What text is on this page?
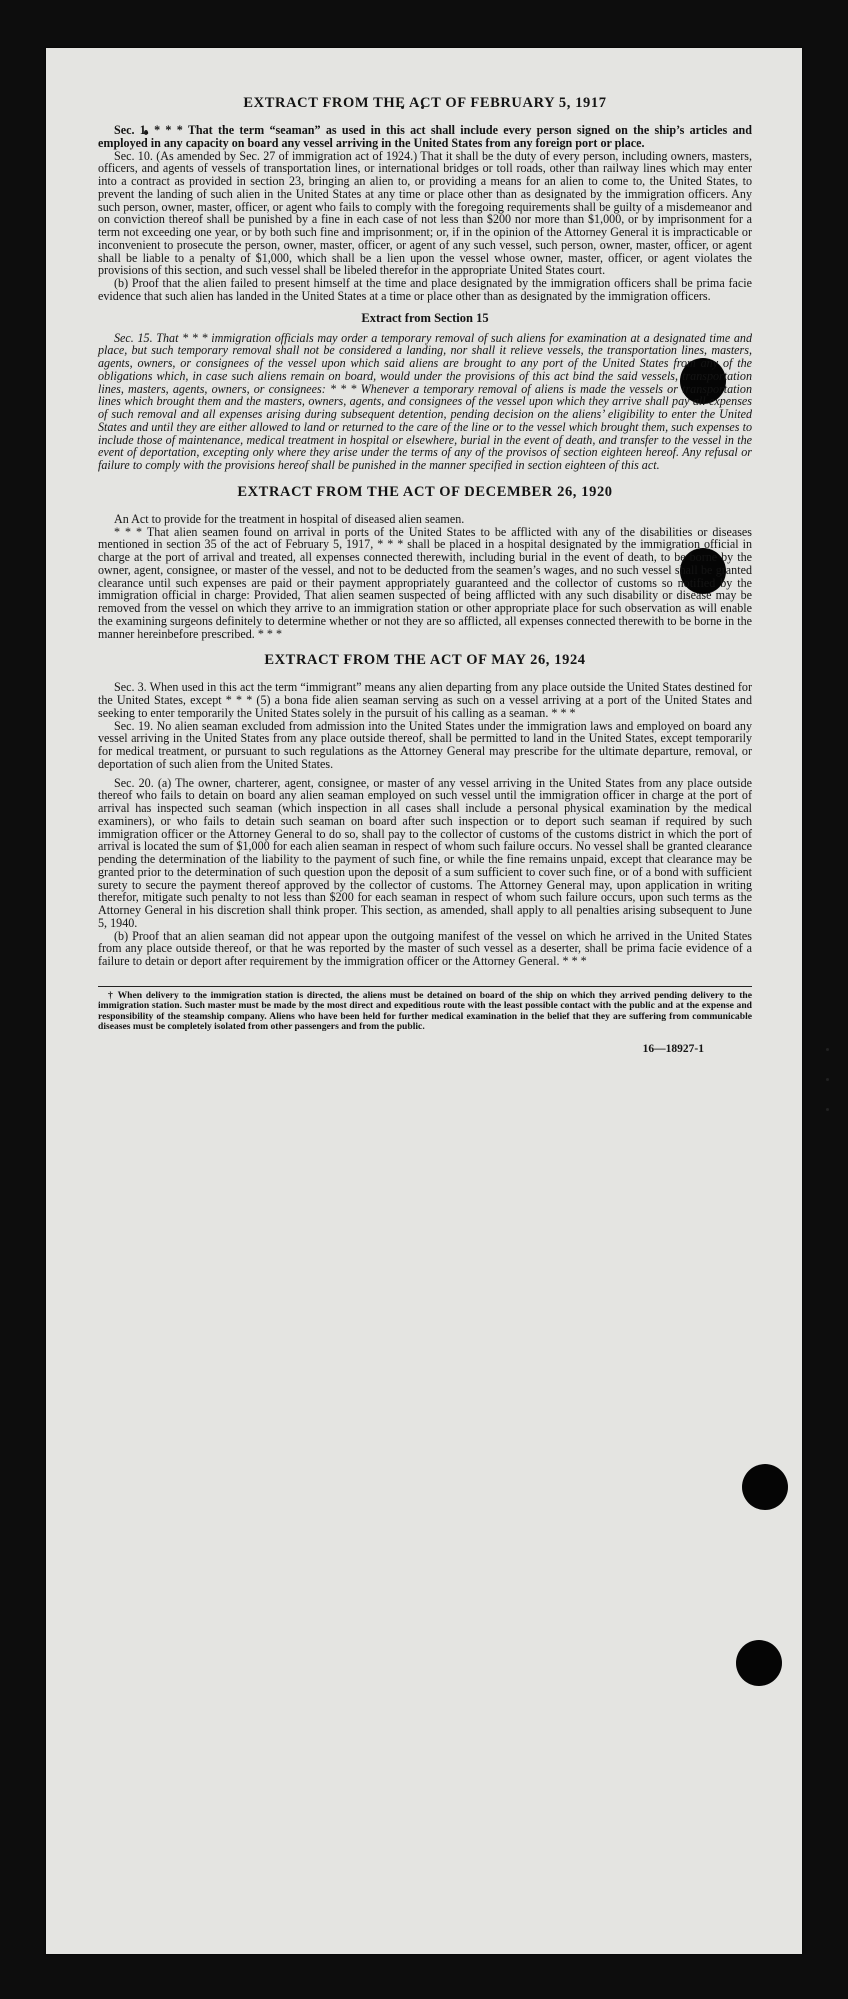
EXTRACT FROM THE ACT OF FEBRUARY 5, 1917

Sec. 1. * * * That the term “seaman” as used in this act shall include every person signed on the ship’s articles and employed in any capacity on board any vessel arriving in the United States from any foreign port or place.

Sec. 10. (As amended by Sec. 27 of immigration act of 1924.) That it shall be the duty of every person, including owners, masters, officers, and agents of vessels of transportation lines, or international bridges or toll roads, other than railway lines which may enter into a contract as provided in section 23, bringing an alien to, or providing a means for an alien to come to, the United States, to prevent the landing of such alien in the United States at any time or place other than as designated by the immigration officers. Any such person, owner, master, officer, or agent who fails to comply with the foregoing requirements shall be guilty of a misdemeanor and on conviction thereof shall be punished by a fine in each case of not less than $200 nor more than $1,000, or by imprisonment for a term not exceeding one year, or by both such fine and imprisonment; or, if in the opinion of the Attorney General it is impracticable or inconvenient to prosecute the person, owner, master, officer, or agent of any such vessel, such person, owner, master, officer, or agent shall be liable to a penalty of $1,000, which shall be a lien upon the vessel whose owner, master, officer, or agent violates the provisions of this section, and such vessel shall be libeled therefor in the appropriate United States court.

(b) Proof that the alien failed to present himself at the time and place designated by the immigration officers shall be prima facie evidence that such alien has landed in the United States at a time or place other than as designated by the immigration officers.

Extract from Section 15

Sec. 15. That * * * immigration officials may order a temporary removal of such aliens for examination at a designated time and place, but such temporary removal shall not be considered a landing, nor shall it relieve vessels, the transportation lines, masters, agents, owners, or consignees of the vessel upon which said aliens are brought to any port of the United States from any of the obligations which, in case such aliens remain on board, would under the provisions of this act bind the said vessels, transportation lines, masters, agents, owners, or consignees: * * * Whenever a temporary removal of aliens is made the vessels or transportation lines which brought them and the masters, owners, agents, and consignees of the vessel upon which they arrive shall pay all expenses of such removal and all expenses arising during subsequent detention, pending decision on the aliens’ eligibility to enter the United States and until they are either allowed to land or returned to the care of the line or to the vessel which brought them, such expenses to include those of maintenance, medical treatment in hospital or elsewhere, burial in the event of death, and transfer to the vessel in the event of deportation, excepting only where they arise under the terms of any of the provisos of section eighteen hereof. Any refusal or failure to comply with the provisions hereof shall be punished in the manner specified in section eighteen of this act.

EXTRACT FROM THE ACT OF DECEMBER 26, 1920

An Act to provide for the treatment in hospital of diseased alien seamen.

* * * That alien seamen found on arrival in ports of the United States to be afflicted with any of the disabilities or diseases mentioned in section 35 of the act of February 5, 1917, * * * shall be placed in a hospital designated by the immigration official in charge at the port of arrival and treated, all expenses connected therewith, including burial in the event of death, to be borne by the owner, agent, consignee, or master of the vessel, and not to be deducted from the seamen’s wages, and no such vessel shall be granted clearance until such expenses are paid or their payment appropriately guaranteed and the collector of customs so notified by the immigration official in charge: Provided, That alien seamen suspected of being afflicted with any such disability or disease may be removed from the vessel on which they arrive to an immigration station or other appropriate place for such observation as will enable the examining surgeons definitely to determine whether or not they are so afflicted, all expenses connected therewith to be borne in the manner hereinbefore prescribed. * * *

EXTRACT FROM THE ACT OF MAY 26, 1924

Sec. 3. When used in this act the term “immigrant” means any alien departing from any place outside the United States destined for the United States, except * * * (5) a bona fide alien seaman serving as such on a vessel arriving at a port of the United States and seeking to enter temporarily the United States solely in the pursuit of his calling as a seaman. * * *

Sec. 19. No alien seaman excluded from admission into the United States under the immigration laws and employed on board any vessel arriving in the United States from any place outside thereof, shall be permitted to land in the United States, except temporarily for medical treatment, or pursuant to such regulations as the Attorney General may prescribe for the ultimate departure, removal, or deportation of such alien from the United States.

Sec. 20. (a) The owner, charterer, agent, consignee, or master of any vessel arriving in the United States from any place outside thereof who fails to detain on board any alien seaman employed on such vessel until the immigration officer in charge at the port of arrival has inspected such seaman (which inspection in all cases shall include a personal physical examination by the medical examiners), or who fails to detain such seaman on board after such inspection or to deport such seaman if required by such immigration officer or the Attorney General to do so, shall pay to the collector of customs of the customs district in which the port of arrival is located the sum of $1,000 for each alien seaman in respect of whom such failure occurs. No vessel shall be granted clearance pending the determination of the liability to the payment of such fine, or while the fine remains unpaid, except that clearance may be granted prior to the determination of such question upon the deposit of a sum sufficient to cover such fine, or of a bond with sufficient surety to secure the payment thereof approved by the collector of customs. The Attorney General may, upon application in writing therefor, mitigate such penalty to not less than $200 for each seaman in respect of whom such failure occurs, upon such terms as the Attorney General in his discretion shall think proper. This section, as amended, shall apply to all penalties arising subsequent to June 5, 1940.

(b) Proof that an alien seaman did not appear upon the outgoing manifest of the vessel on which he arrived in the United States from any place outside thereof, or that he was reported by the master of such vessel as a deserter, shall be prima facie evidence of a failure to detain or deport after requirement by the immigration officer or the Attorney General. * * *

† When delivery to the immigration station is directed, the aliens must be detained on board of the ship on which they arrived pending delivery to the immigration station. Such master must be made by the most direct and expeditious route with the least possible contact with the public and at the expense and responsibility of the steamship company. Aliens who have been held for further medical examination in the belief that they are suffering from communicable diseases must be completely isolated from other passengers and from the public.

16—18927-1
